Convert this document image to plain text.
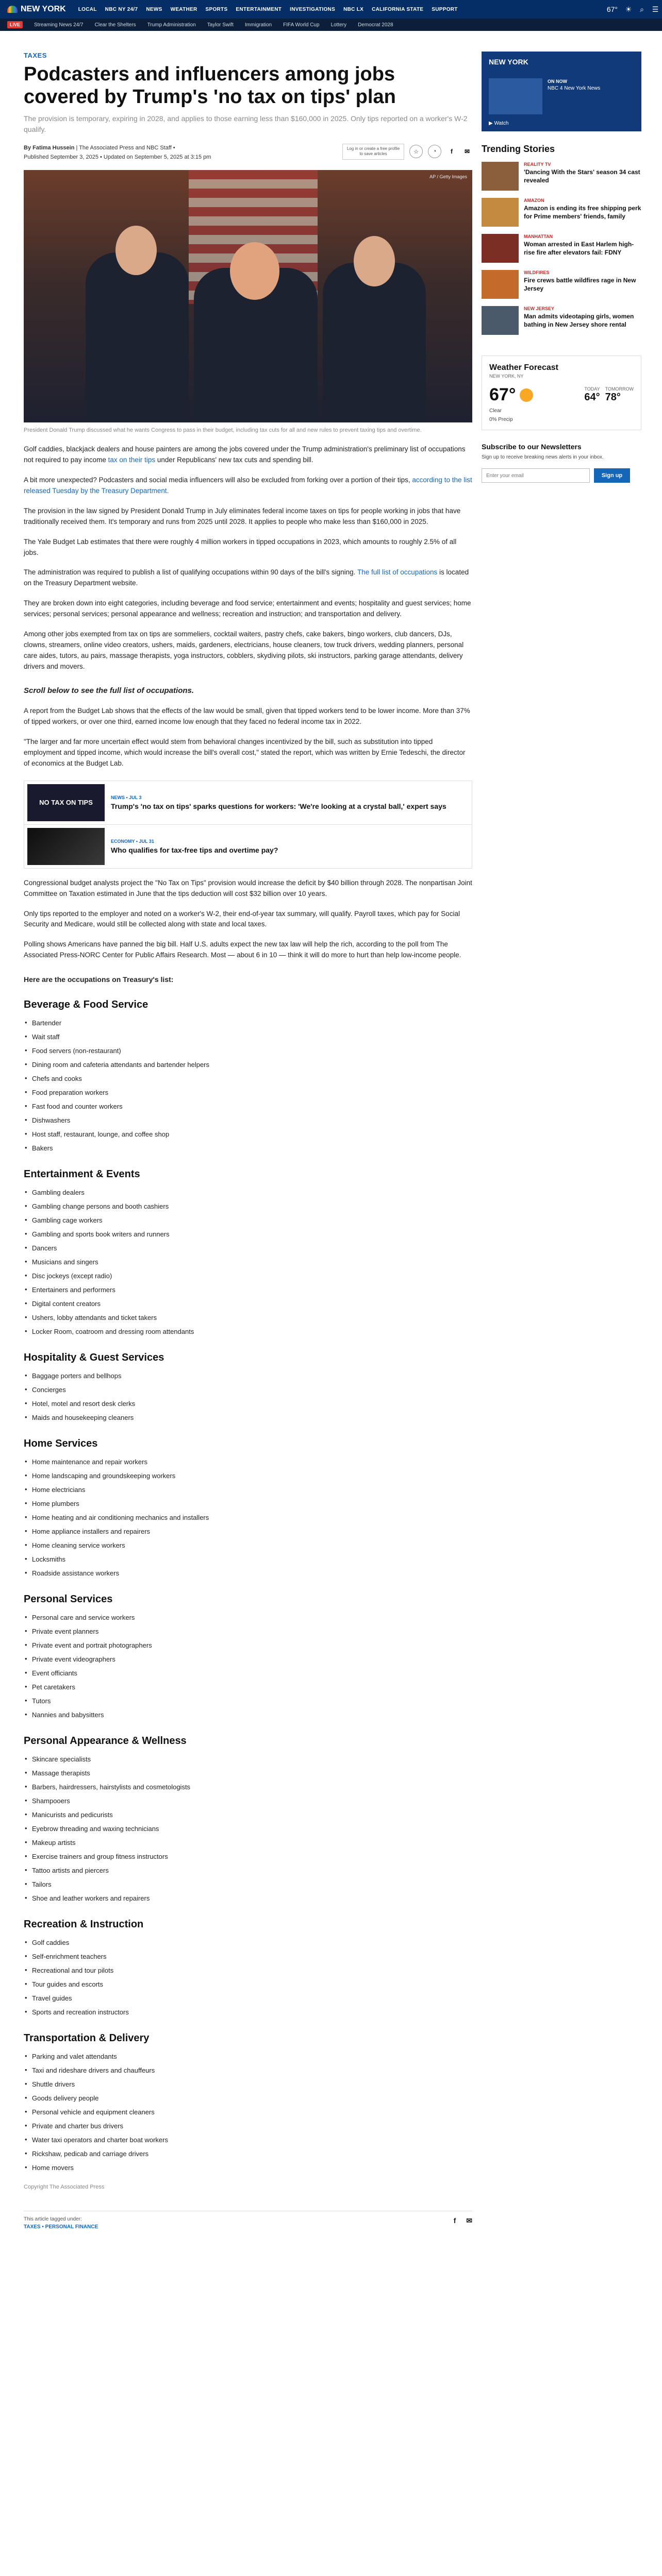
NEW YORK LOCAL NBC NY 24/7 NEWS WEATHER SPORTS ENTERTAINMENT INVESTIGATIONS NBC LX CALIFORNIA STATE SUPPORT	67°	☀	⌕	☰
LIVE	Streaming News 24/7 Clear the Shelters Trump Administration Taylor Swift Immigration FIFA World Cup Lottery Democrat 2028
TAXES
Podcasters and influencers among jobs covered by Trump's 'no tax on tips' plan

The provision is temporary, expiring in 2028, and applies to those earning less than $160,000 in 2025. Only tips reported on a worker's W-2 qualify.

By Fatima Hussein | The Associated Press and NBC Staff •
Published September 3, 2025 • Updated on September 5, 2025 at 3:15 pm
Log in or create a free profile to save articles	☆	◔	f	✉
AP / Getty Images

President Donald Trump discussed what he wants Congress to pass in their budget, including tax cuts for all and new rules to prevent taxing tips and overtime.

Golf caddies, blackjack dealers and house painters are among the jobs covered under the Trump administration's preliminary list of occupations not required to pay income tax on their tips under Republicans' new tax cuts and spending bill.

A bit more unexpected? Podcasters and social media influencers will also be excluded from forking over a portion of their tips, according to the list released Tuesday by the Treasury Department.

The provision in the law signed by President Donald Trump in July eliminates federal income taxes on tips for people working in jobs that have traditionally received them. It's temporary and runs from 2025 until 2028. It applies to people who make less than $160,000 in 2025.

The Yale Budget Lab estimates that there were roughly 4 million workers in tipped occupations in 2023, which amounts to roughly 2.5% of all jobs.

The administration was required to publish a list of qualifying occupations within 90 days of the bill's signing. The full list of occupations is located on the Treasury Department website.

They are broken down into eight categories, including beverage and food service; entertainment and events; hospitality and guest services; home services; personal services; personal appearance and wellness; recreation and instruction; and transportation and delivery.

Among other jobs exempted from tax on tips are sommeliers, cocktail waiters, pastry chefs, cake bakers, bingo workers, club dancers, DJs, clowns, streamers, online video creators, ushers, maids, gardeners, electricians, house cleaners, tow truck drivers, wedding planners, personal care aides, tutors, au pairs, massage therapists, yoga instructors, cobblers, skydiving pilots, ski instructors, parking garage attendants, delivery drivers and movers.

Scroll below to see the full list of occupations.

A report from the Budget Lab shows that the effects of the law would be small, given that tipped workers tend to be lower income. More than 37% of tipped workers, or over one third, earned income low enough that they faced no federal income tax in 2022.

"The larger and far more uncertain effect would stem from behavioral changes incentivized by the bill, such as substitution into tipped employment and tipped income, which would increase the bill's overall cost," stated the report, which was written by Ernie Tedeschi, the director of economics at the Budget Lab.

NO TAX ON TIPS
NEWS • JUL 3
Trump's 'no tax on tips' sparks questions for workers: 'We're looking at a crystal ball,' expert says
ECONOMY • JUL 31
Who qualifies for tax-free tips and overtime pay?

Congressional budget analysts project the "No Tax on Tips" provision would increase the deficit by $40 billion through 2028. The nonpartisan Joint Committee on Taxation estimated in June that the tips deduction will cost $32 billion over 10 years.

Only tips reported to the employer and noted on a worker's W-2, their end-of-year tax summary, will qualify. Payroll taxes, which pay for Social Security and Medicare, would still be collected along with state and local taxes.

Polling shows Americans have panned the big bill. Half U.S. adults expect the new tax law will help the rich, according to the poll from The Associated Press-NORC Center for Public Affairs Research. Most — about 6 in 10 — think it will do more to hurt than help low-income people.

Here are the occupations on Treasury's list:

Beverage & Food Service
• Bartender
• Wait staff
• Food servers (non-restaurant)
• Dining room and cafeteria attendants and bartender helpers
• Chefs and cooks
• Food preparation workers
• Fast food and counter workers
• Dishwashers
• Host staff, restaurant, lounge, and coffee shop
• Bakers
Entertainment & Events
• Gambling dealers
• Gambling change persons and booth cashiers
• Gambling cage workers
• Gambling and sports book writers and runners
• Dancers
• Musicians and singers
• Disc jockeys (except radio)
• Entertainers and performers
• Digital content creators
• Ushers, lobby attendants and ticket takers
• Locker Room, coatroom and dressing room attendants
Hospitality & Guest Services
• Baggage porters and bellhops
• Concierges
• Hotel, motel and resort desk clerks
• Maids and housekeeping cleaners
Home Services
• Home maintenance and repair workers
• Home landscaping and groundskeeping workers
• Home electricians
• Home plumbers
• Home heating and air conditioning mechanics and installers
• Home appliance installers and repairers
• Home cleaning service workers
• Locksmiths
• Roadside assistance workers
Personal Services
• Personal care and service workers
• Private event planners
• Private event and portrait photographers
• Private event videographers
• Event officiants
• Pet caretakers
• Tutors
• Nannies and babysitters
Personal Appearance & Wellness
• Skincare specialists
• Massage therapists
• Barbers, hairdressers, hairstylists and cosmetologists
• Shampooers
• Manicurists and pedicurists
• Eyebrow threading and waxing technicians
• Makeup artists
• Exercise trainers and group fitness instructors
• Tattoo artists and piercers
• Tailors
• Shoe and leather workers and repairers
Recreation & Instruction
• Golf caddies
• Self-enrichment teachers
• Recreational and tour pilots
• Tour guides and escorts
• Travel guides
• Sports and recreation instructors
Transportation & Delivery
• Parking and valet attendants
• Taxi and rideshare drivers and chauffeurs
• Shuttle drivers
• Goods delivery people
• Personal vehicle and equipment cleaners
• Private and charter bus drivers
• Water taxi operators and charter boat workers
• Rickshaw, pedicab and carriage drivers
• Home movers

Copyright The Associated Press

This article tagged under:
TAXES • PERSONAL FINANCE
f ✉
NEW YORK
ON NOW
NBC 4 New York News
▶ Watch
Trending Stories
REALITY TV
'Dancing With the Stars' season 34 cast revealed
AMAZON
Amazon is ending its free shipping perk for Prime members' friends, family
MANHATTAN
Woman arrested in East Harlem high-rise fire after elevators fail: FDNY
WILDFIRES
Fire crews battle wildfires rage in New Jersey
NEW JERSEY
Man admits videotaping girls, women bathing in New Jersey shore rental
Weather Forecast
NEW YORK, NY
67°	TODAY
64°
TOMORROW
78°
Clear
0% Precip
Subscribe to our Newsletters
Sign up to receive breaking news alerts in your inbox.
Enter your email
Sign up
